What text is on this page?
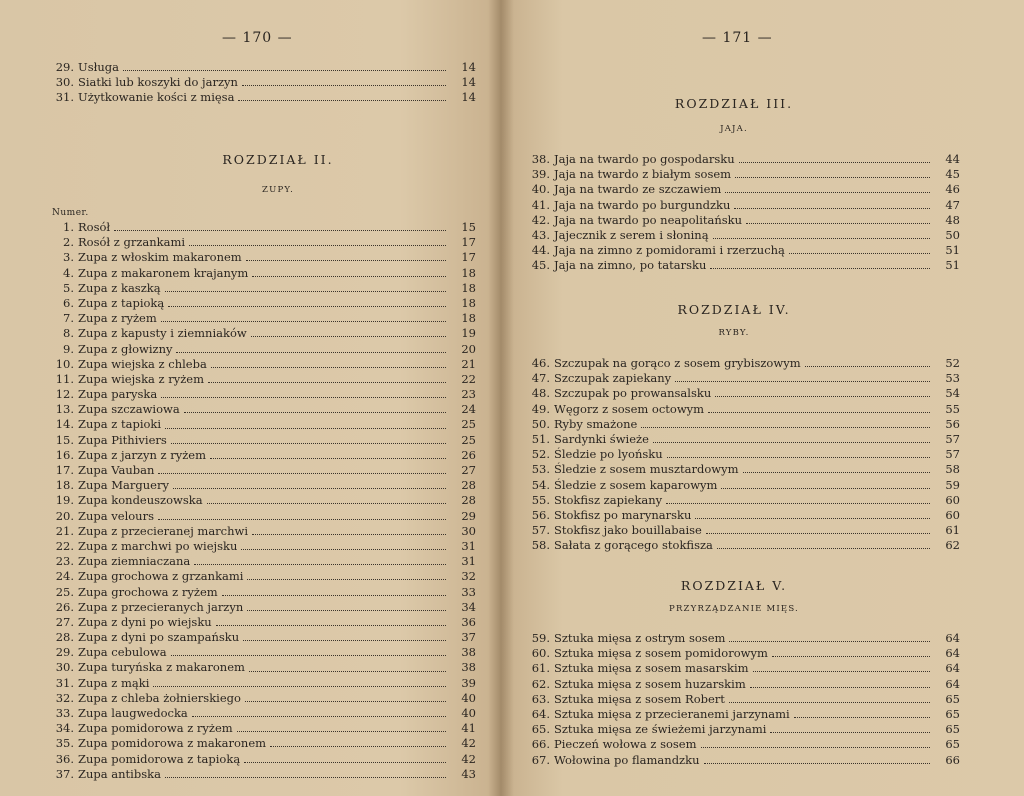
— 170 —
29. Usługa	14
30. Siatki lub koszyki do jarzyn	14
31. Użytkowanie kości z mięsa	14
ROZDZIAŁ II.
ZUPY.
Numer.
1. Rosół	15
2. Rosół z grzankami	17
3. Zupa z włoskim makaronem	17
4. Zupa z makaronem krajanym	18
5. Zupa z kaszką	18
6. Zupa z tapioką	18
7. Zupa z ryżem	18
8. Zupa z kapusty i ziemniaków	19
9. Zupa z głowizny	20
10. Zupa wiejska z chleba	21
11. Zupa wiejska z ryżem	22
12. Zupa paryska	23
13. Zupa szczawiowa	24
14. Zupa z tapioki	25
15. Zupa Pithiviers	25
16. Zupa z jarzyn z ryżem	26
17. Zupa Vauban	27
18. Zupa Marguery	28
19. Zupa kondeuszowska	28
20. Zupa velours	29
21. Zupa z przecieranej marchwi	30
22. Zupa z marchwi po wiejsku	31
23. Zupa ziemniaczana	31
24. Zupa grochowa z grzankami	32
25. Zupa grochowa z ryżem	33
26. Zupa z przecieranych jarzyn	34
27. Zupa z dyni po wiejsku	36
28. Zupa z dyni po szampańsku	37
29. Zupa cebulowa	38
30. Zupa turyńska z makaronem	38
31. Zupa z mąki	39
32. Zupa z chleba żołnierskiego	40
33. Zupa laugwedocka	40
34. Zupa pomidorowa z ryżem	41
35. Zupa pomidorowa z makaronem	42
36. Zupa pomidorowa z tapioką	42
37. Zupa antibska	43
— 171 —
ROZDZIAŁ III.
JAJA.
38. Jaja na twardo po gospodarsku	44
39. Jaja na twardo z białym sosem	45
40. Jaja na twardo ze szczawiem	46
41. Jaja na twardo po burgundzku	47
42. Jaja na twardo po neapolitańsku	48
43. Jajecznik z serem i słoniną	50
44. Jaja na zimno z pomidorami i rzerzuchą	51
45. Jaja na zimno, po tatarsku	51
ROZDZIAŁ IV.
RYBY.
46. Szczupak na gorąco z sosem grybiszowym	52
47. Szczupak zapiekany	53
48. Szczupak po prowansalsku	54
49. Węgorz z sosem octowym	55
50. Ryby smażone	56
51. Sardynki świeże	57
52. Śledzie po lyońsku	57
53. Śledzie z sosem musztardowym	58
54. Śledzie z sosem kaparowym	59
55. Stokfisz zapiekany	60
56. Stokfisz po marynarsku	60
57. Stokfisz jako bouillabaise	61
58. Sałata z gorącego stokfisza	62
ROZDZIAŁ V.
PRZYRZĄDZANIE MIĘS.
59. Sztuka mięsa z ostrym sosem	64
60. Sztuka mięsa z sosem pomidorowym	64
61. Sztuka mięsa z sosem masarskim	64
62. Sztuka mięsa z sosem huzarskim	64
63. Sztuka mięsa z sosem Robert	65
64. Sztuka mięsa z przecieranemi jarzynami	65
65. Sztuka mięsa ze świeżemi jarzynami	65
66. Pieczeń wołowa z sosem	65
67. Wołowina po flamandzku	66
